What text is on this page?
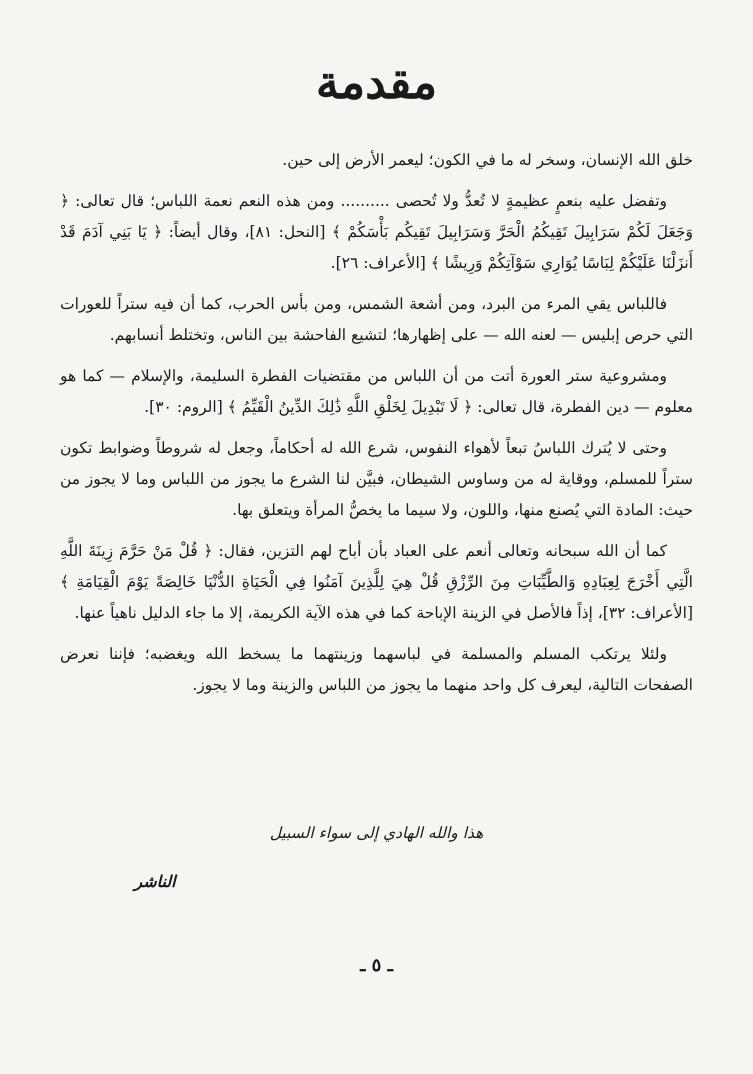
مقدمة

خلق الله الإنسان، وسخر له ما في الكون؛ ليعمر الأرض إلى حين.

وتفضل عليه بنعمٍ عظيمةٍ لا تُعدُّ ولا تُحصى .......... ومن هذه النعم نعمة اللباس؛ قال تعالى: ﴿ وَجَعَلَ لَكُمْ سَرَابِيلَ تَقِيكُمُ الْحَرَّ وَسَرَابِيلَ تَقِيكُم بَأْسَكُمْ ﴾ [النحل: ٨١]، وقال أيضاً: ﴿ يَا بَنِي آدَمَ قَدْ أَنزَلْنَا عَلَيْكُمْ لِبَاسًا يُوَارِي سَوْآتِكُمْ وَرِيشًا ﴾ [الأعراف: ٢٦].

فاللباس يقي المرء من البرد، ومن أشعة الشمس، ومن بأس الحرب، كما أن فيه ستراً للعورات التي حرص إبليس — لعنه الله — على إظهارها؛ لتشيع الفاحشة بين الناس، وتختلط أنسابهم.

ومشروعية ستر العورة أتت من أن اللباس من مقتضيات الفطرة السليمة، والإسلام — كما هو معلوم — دين الفطرة، قال تعالى: ﴿ لَا تَبْدِيلَ لِخَلْقِ اللَّهِ ذَٰلِكَ الدِّينُ الْقَيِّمُ ﴾ [الروم: ٣٠].

وحتى لا يُترك اللباسُ تبعاً لأهواء النفوس، شرع الله له أحكاماً، وجعل له شروطاً وضوابط تكون ستراً للمسلم، ووقاية له من وساوس الشيطان، فبيَّن لنا الشرع ما يجوز من اللباس وما لا يجوز من حيث: المادة التي يُصنع منها، واللون، ولا سيما ما يخصُّ المرأة ويتعلق بها.

كما أن الله سبحانه وتعالى أنعم على العباد بأن أباح لهم التزين، فقال: ﴿ قُلْ مَنْ حَرَّمَ زِينَةَ اللَّهِ الَّتِي أَخْرَجَ لِعِبَادِهِ وَالطَّيِّبَاتِ مِنَ الرِّزْقِ قُلْ هِيَ لِلَّذِينَ آمَنُوا فِي الْحَيَاةِ الدُّنْيَا خَالِصَةً يَوْمَ الْقِيَامَةِ ﴾ [الأعراف: ٣٢]، إذاً فالأصل في الزينة الإباحة كما في هذه الآية الكريمة، إلا ما جاء الدليل ناهياً عنها.

ولئلا يرتكب المسلم والمسلمة في لباسهما وزينتهما ما يسخط الله ويغضبه؛ فإننا نعرض الصفحات التالية، ليعرف كل واحد منهما ما يجوز من اللباس والزينة وما لا يجوز.

هذا والله الهادي إلى سواء السبيل
الناشر
ـ ٥ ـ
